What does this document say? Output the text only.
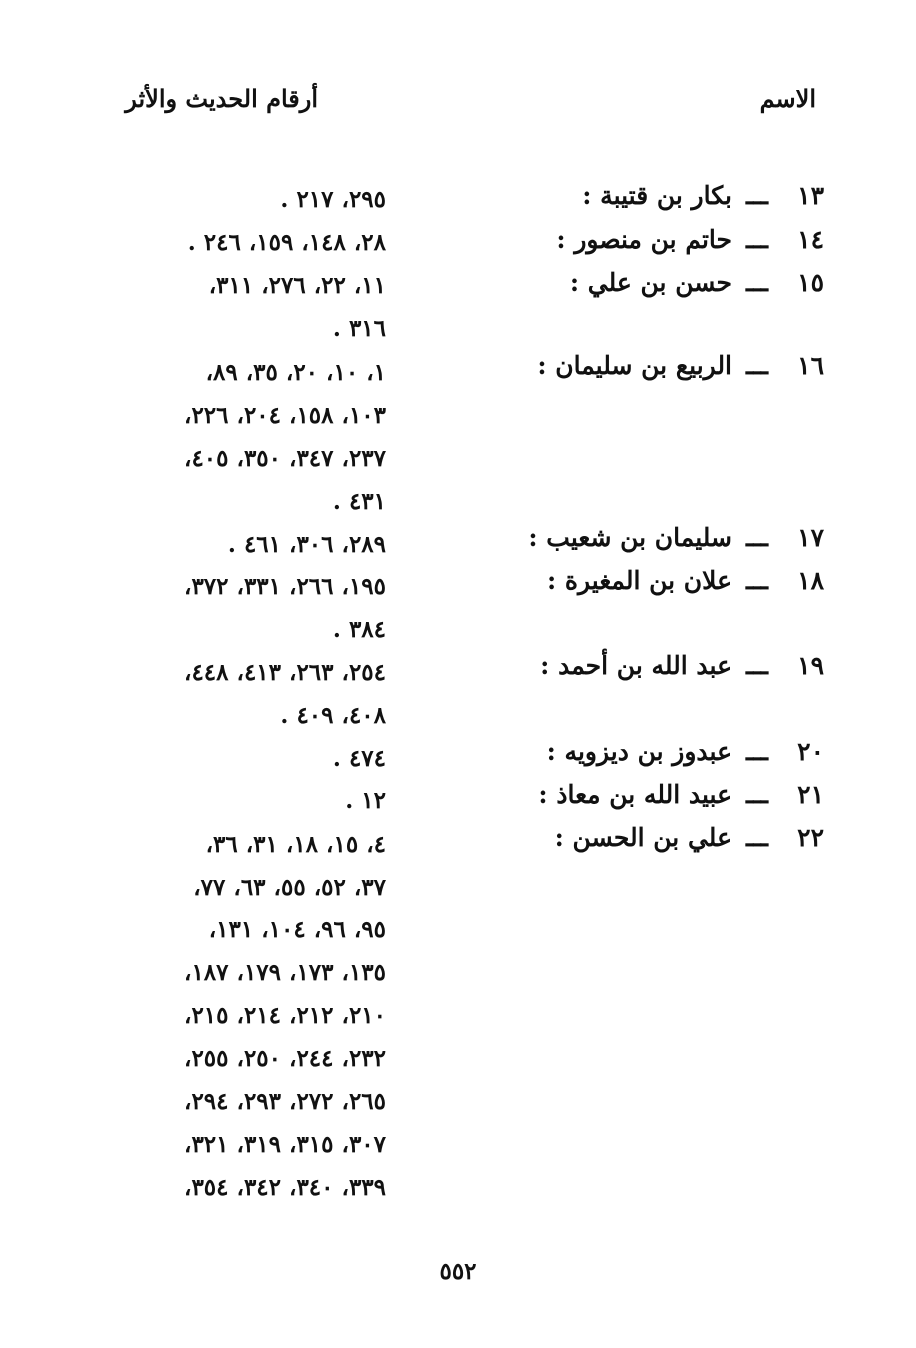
الاسم
أرقام الحديث والأثر
١٣ـــبكار بن قتيبة :
١٤ـــحاتم بن منصور :
١٥ـــحسن بن علي :
١٦ـــالربيع بن سليمان :
١٧ـــسليمان بن شعيب :
١٨ـــعلان بن المغيرة :
١٩ـــعبد الله بن أحمد :
٢٠ـــعبدوز بن ديزويه :
٢١ـــعبيد الله بن معاذ :
٢٢ـــعلي بن الحسن :
٢٩٥، ٢١٧ .
٢٨، ١٤٨، ١٥٩، ٢٤٦ .
١١، ٢٢، ٢٧٦، ٣١١،
٣١٦ .
١، ١٠، ٢٠، ٣٥، ٨٩،
١٠٣، ١٥٨، ٢٠٤، ٢٢٦،
٢٣٧، ٣٤٧، ٣٥٠، ٤٠٥،
٤٣١ .
٢٨٩، ٣٠٦، ٤٦١ .
١٩٥، ٢٦٦، ٣٣١، ٣٧٢،
٣٨٤ .
٢٥٤، ٢٦٣، ٤١٣، ٤٤٨،
٤٠٨، ٤٠٩ .
٤٧٤ .
١٢ .
٤، ١٥، ١٨، ٣١، ٣٦،
٣٧، ٥٢، ٥٥، ٦٣، ٧٧،
٩٥، ٩٦، ١٠٤، ١٣١،
١٣٥، ١٧٣، ١٧٩، ١٨٧،
٢١٠، ٢١٢، ٢١٤، ٢١٥،
٢٣٢، ٢٤٤، ٢٥٠، ٢٥٥،
٢٦٥، ٢٧٢، ٢٩٣، ٢٩٤،
٣٠٧، ٣١٥، ٣١٩، ٣٢١،
٣٣٩، ٣٤٠، ٣٤٢، ٣٥٤،
٥٥٢
